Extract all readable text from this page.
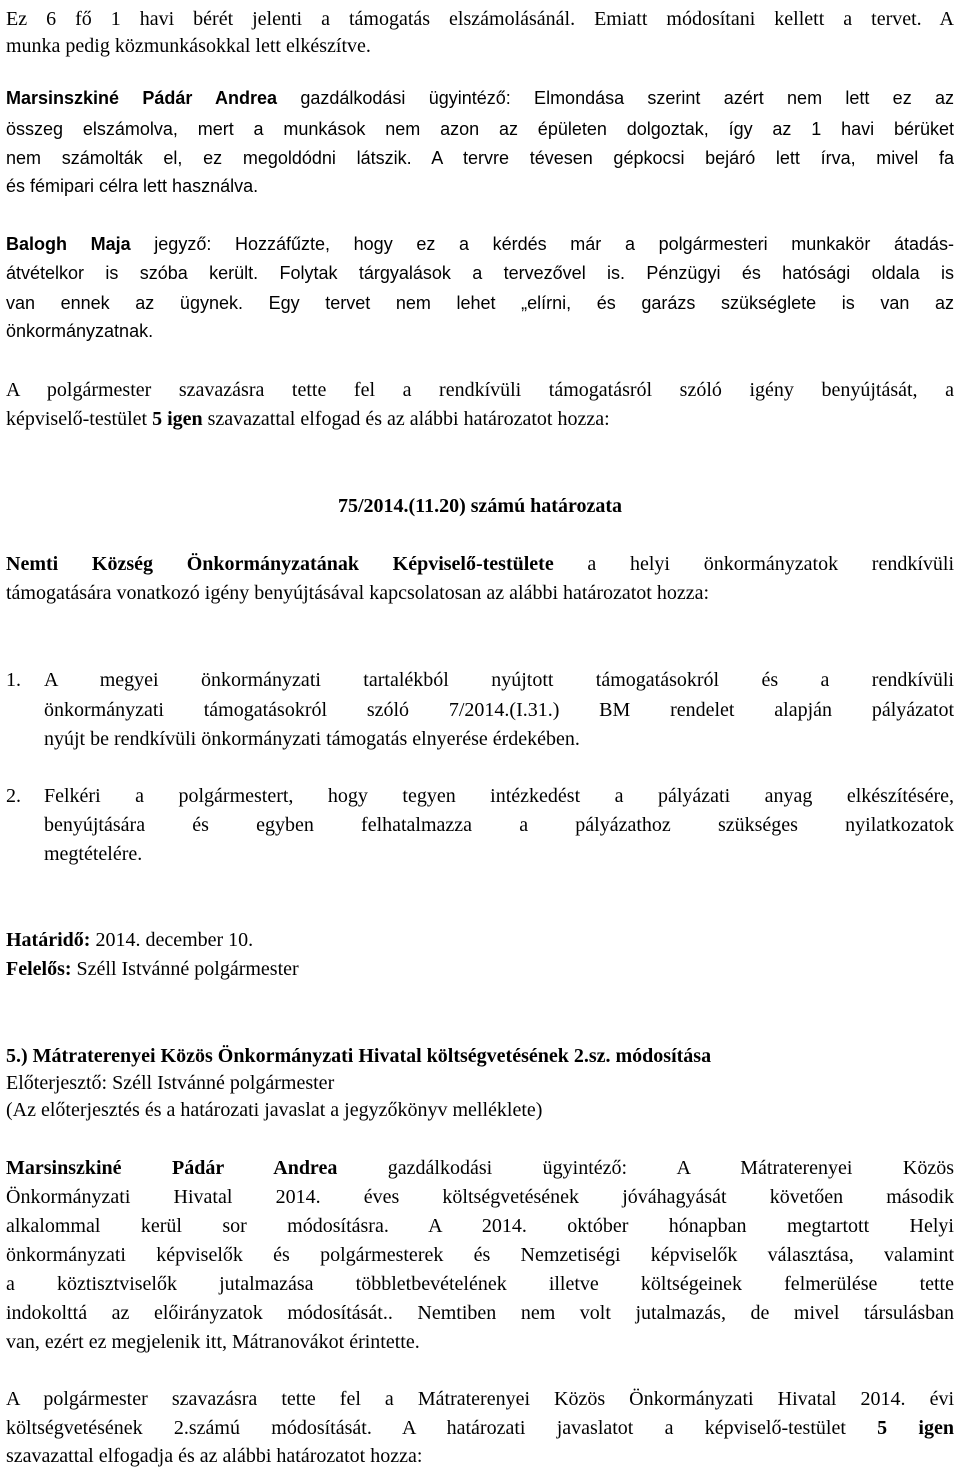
Ez 6 fő 1 havi bérét jelenti a támogatás elszámolásánál. Emiatt módosítani kellett a tervet. A
munka pedig közmunkásokkal lett elkészítve.
Marsinszkiné Pádár Andrea gazdálkodási ügyintéző: Elmondása szerint azért nem lett ez az
összeg elszámolva, mert a munkások nem azon az épületen dolgoztak, így az 1 havi bérüket
nem számolták el, ez megoldódni látszik. A tervre tévesen gépkocsi bejáró lett írva, mivel fa
és fémipari célra lett használva.
Balogh Maja jegyző: Hozzáfűzte, hogy ez a kérdés már a polgármesteri munkakör átadás-
átvételkor is szóba került. Folytak tárgyalások a tervezővel is. Pénzügyi és hatósági oldala is
van ennek az ügynek. Egy tervet nem lehet „elírni, és garázs szükséglete is van az
önkormányzatnak.
A polgármester szavazásra tette fel a rendkívüli támogatásról szóló igény benyújtását, a
képviselő-testület 5 igen szavazattal elfogad és az alábbi határozatot hozza:
75/2014.(11.20) számú határozata
Nemti Község Önkormányzatának Képviselő-testülete a helyi önkormányzatok rendkívüli
támogatására vonatkozó igény benyújtásával kapcsolatosan az alábbi határozatot hozza:
1. A megyei önkormányzati tartalékból nyújtott támogatásokról és a rendkívüli
önkormányzati támogatásokról szóló 7/2014.(I.31.) BM rendelet alapján pályázatot
nyújt be rendkívüli önkormányzati támogatás elnyerése érdekében.
2. Felkéri a polgármestert, hogy tegyen intézkedést a pályázati anyag elkészítésére,
benyújtására és egyben felhatalmazza a pályázathoz szükséges nyilatkozatok
megtételére.
Határidő: 2014. december 10.
Felelős: Széll Istvánné polgármester
5.) Mátraterenyei Közös Önkormányzati Hivatal költségvetésének 2.sz. módosítása
Előterjesztő: Széll Istvánné polgármester
(Az előterjesztés és a határozati javaslat a jegyzőkönyv melléklete)
Marsinszkiné Pádár Andrea gazdálkodási ügyintéző: A Mátraterenyei Közös
Önkormányzati Hivatal 2014. éves költségvetésének jóváhagyását követően második
alkalommal kerül sor módosításra. A 2014. október hónapban megtartott Helyi
önkormányzati képviselők és polgármesterek és Nemzetiségi képviselők választása, valamint
a köztisztviselők jutalmazása többletbevételének illetve költségeinek felmerülése tette
indokolttá az előirányzatok módosítását.. Nemtiben nem volt jutalmazás, de mivel társulásban
van, ezért ez megjelenik itt, Mátranovákot érintette.
A polgármester szavazásra tette fel a Mátraterenyei Közös Önkormányzati Hivatal 2014. évi
költségvetésének 2.számú módosítását. A határozati javaslatot a képviselő-testület 5 igen
szavazattal elfogadja és az alábbi határozatot hozza:
